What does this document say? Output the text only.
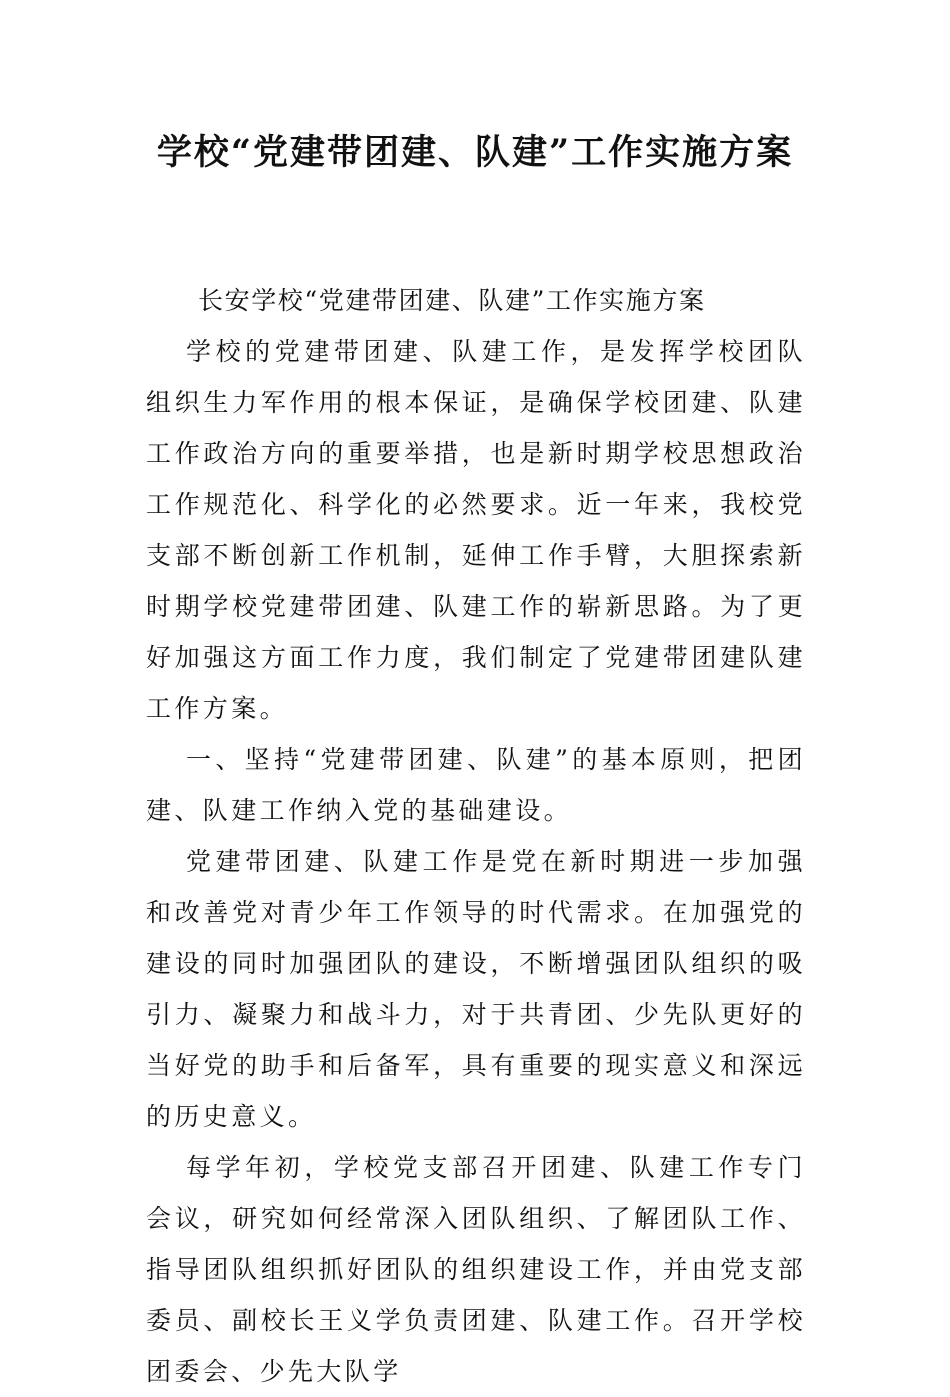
学校“党建带团建、队建”工作实施方案

长安学校“党建带团建、队建”工作实施方案

学校的党建带团建、队建工作，是发挥学校团队组织生力军作用的根本保证，是确保学校团建、队建工作政治方向的重要举措，也是新时期学校思想政治工作规范化、科学化的必然要求。近一年来，我校党支部不断创新工作机制，延伸工作手臂，大胆探索新时期学校党建带团建、队建工作的崭新思路。为了更好加强这方面工作力度，我们制定了党建带团建队建工作方案。

一、坚持“党建带团建、队建”的基本原则，把团建、队建工作纳入党的基础建设。

党建带团建、队建工作是党在新时期进一步加强和改善党对青少年工作领导的时代需求。在加强党的建设的同时加强团队的建设，不断增强团队组织的吸引力、凝聚力和战斗力，对于共青团、少先队更好的当好党的助手和后备军，具有重要的现实意义和深远的历史意义。

每学年初，学校党支部召开团建、队建工作专门会议，研究如何经常深入团队组织、了解团队工作、指导团队组织抓好团队的组织建设工作，并由党支部委员、副校长王义学负责团建、队建工作。召开学校团委会、少先大队学
